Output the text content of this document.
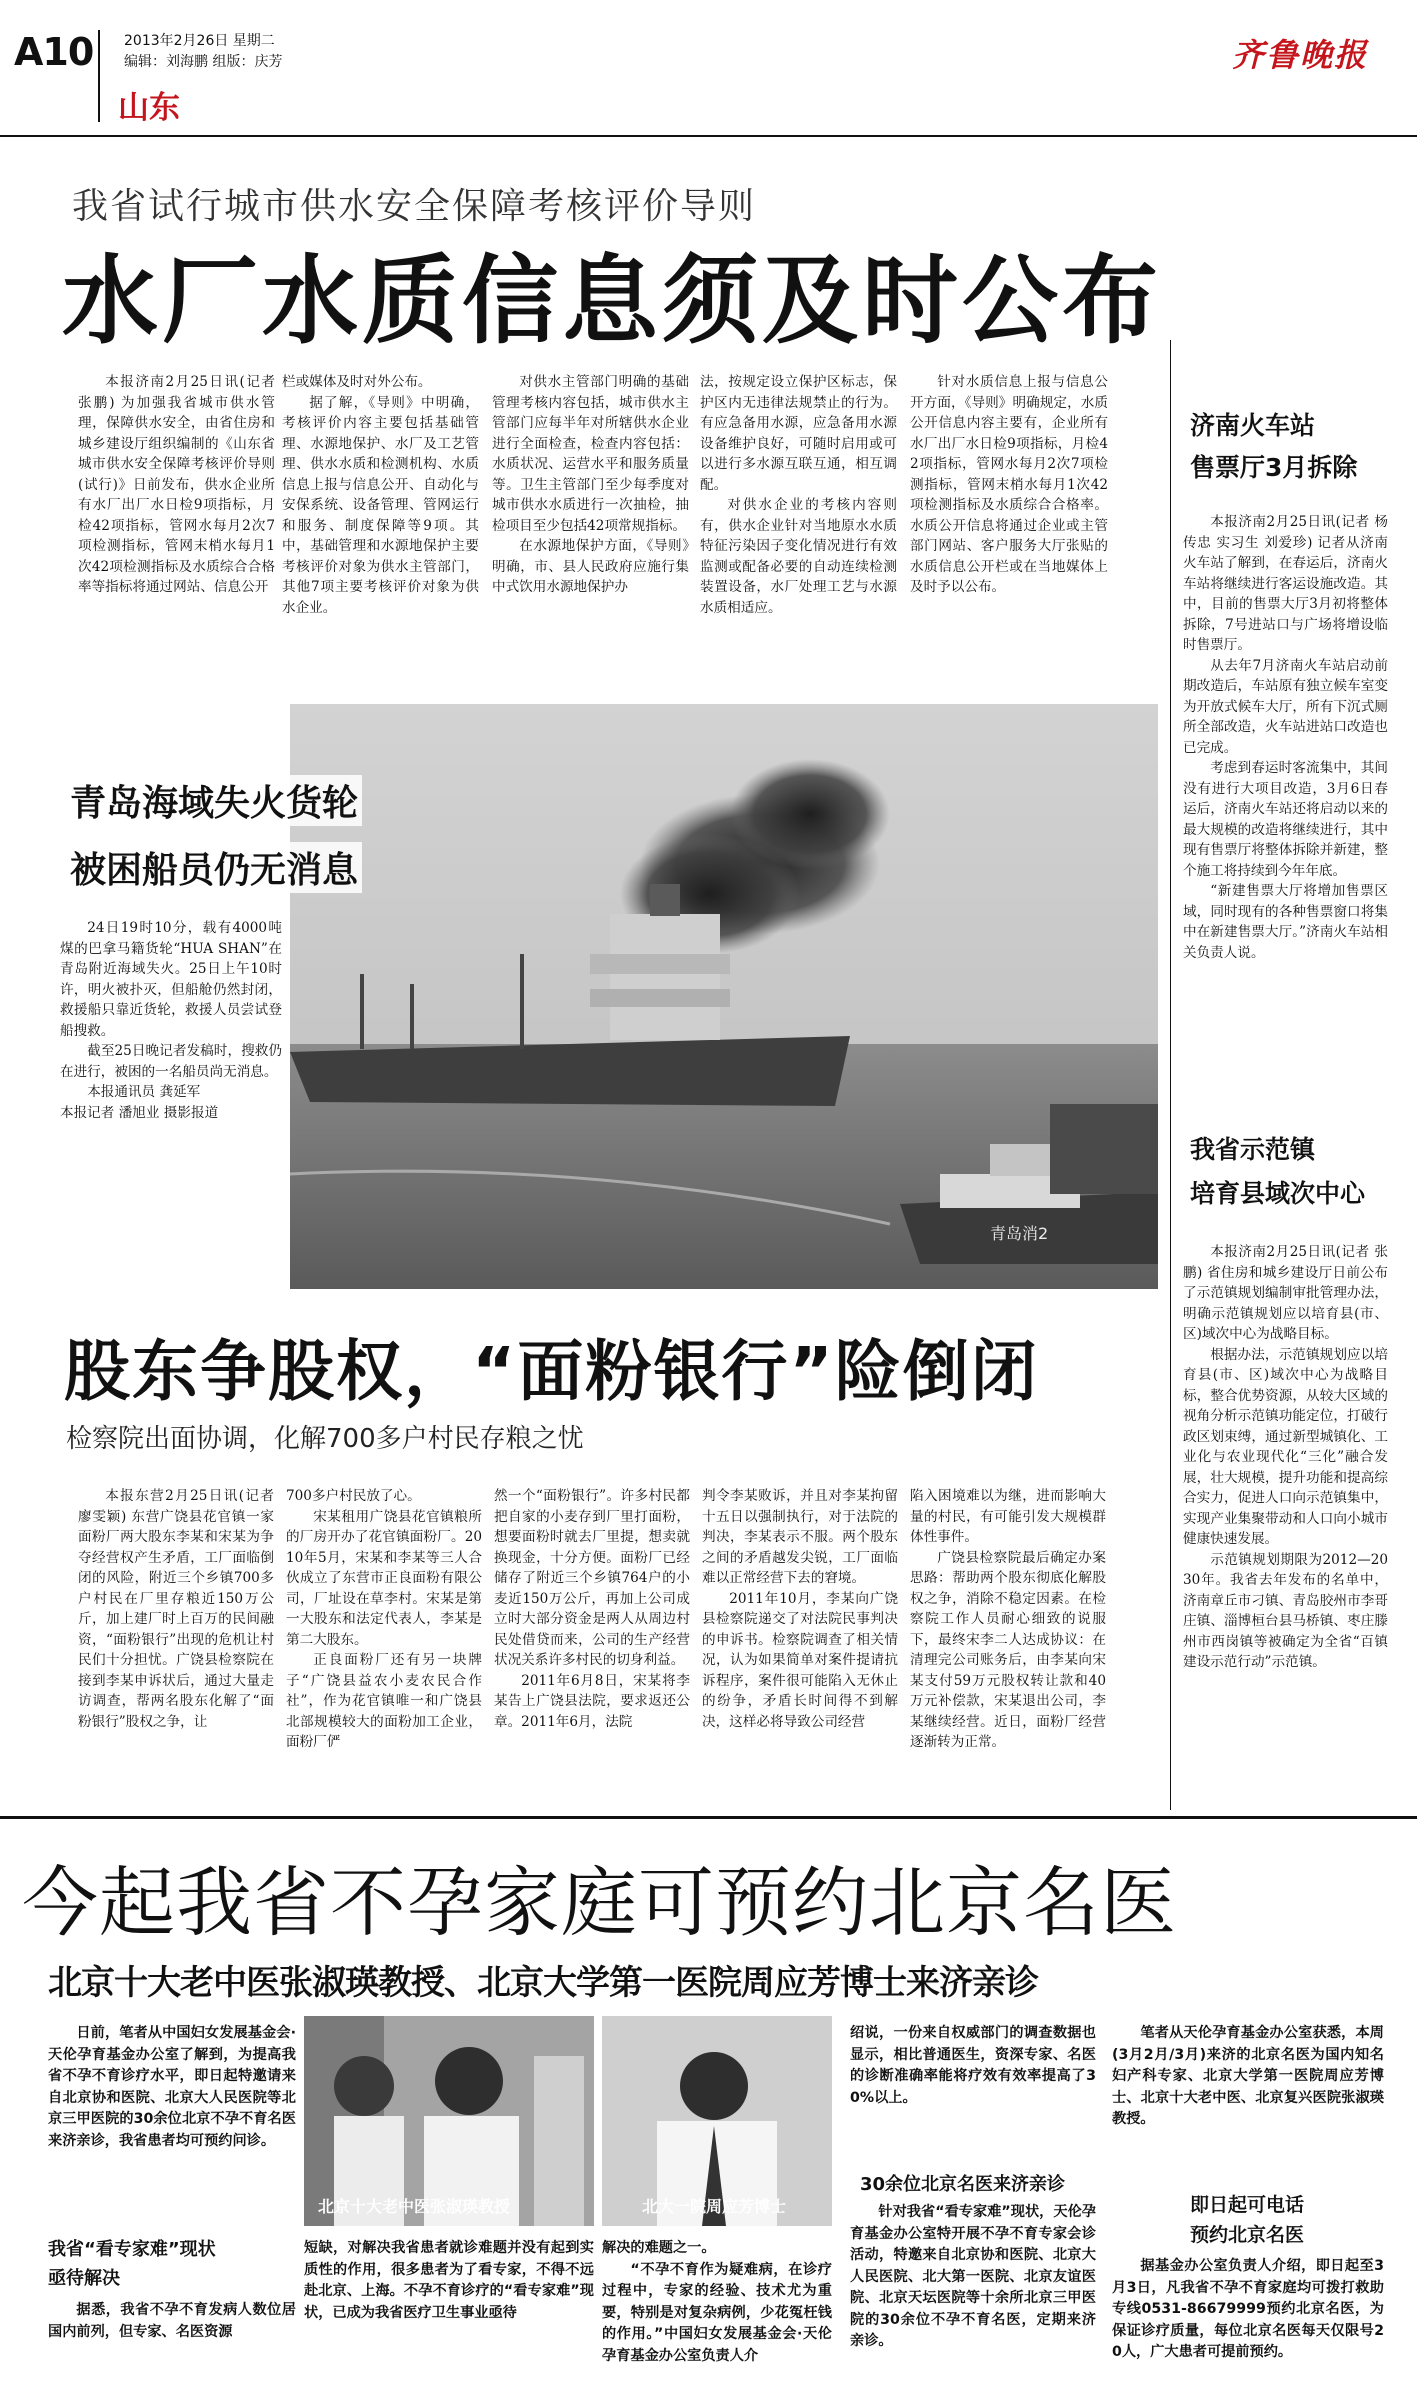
A10 2013年2月26日 星期二
编辑：刘海鹏 组版：庆芳
山东
齐鲁晚报
我省试行城市供水安全保障考核评价导则
水厂水质信息须及时公布

本报济南2月25日讯(记者 张鹏) 为加强我省城市供水管理，保障供水安全，由省住房和城乡建设厅组织编制的《山东省城市供水安全保障考核评价导则(试行)》日前发布，供水企业所有水厂出厂水日检9项指标，月检42项指标，管网水每月2次7项检测指标，管网末梢水每月1次42项检测指标及水质综合合格率等指标将通过网站、信息公开

栏或媒体及时对外公布。

据了解，《导则》中明确，考核评价内容主要包括基础管理、水源地保护、水厂及工艺管理、供水水质和检测机构、水质信息上报与信息公开、自动化与安保系统、设备管理、管网运行和服务、制度保障等9项。其中，基础管理和水源地保护主要考核评价对象为供水主管部门，其他7项主要考核评价对象为供水企业。

对供水主管部门明确的基础管理考核内容包括，城市供水主管部门应每半年对所辖供水企业进行全面检查，检查内容包括：水质状况、运营水平和服务质量等。卫生主管部门至少每季度对城市供水水质进行一次抽检，抽检项目至少包括42项常规指标。

在水源地保护方面，《导则》明确，市、县人民政府应施行集中式饮用水源地保护办

法，按规定设立保护区标志，保护区内无违律法规禁止的行为。有应急备用水源，应急备用水源设备维护良好，可随时启用或可以进行多水源互联互通，相互调配。

对供水企业的考核内容则有，供水企业针对当地原水水质特征污染因子变化情况进行有效监测或配备必要的自动连续检测装置设备，水厂处理工艺与水源水质相适应。

针对水质信息上报与信息公开方面，《导则》明确规定，水质公开信息内容主要有，企业所有水厂出厂水日检9项指标，月检42项指标，管网水每月2次7项检测指标，管网末梢水每月1次42项检测指标及水质综合合格率。水质公开信息将通过企业或主管部门网站、客户服务大厅张贴的水质信息公开栏或在当地媒体上及时予以公布。

济南火车站
售票厅3月拆除

本报济南2月25日讯(记者 杨传忠 实习生 刘爱珍) 记者从济南火车站了解到，在春运后，济南火车站将继续进行客运设施改造。其中，目前的售票大厅3月初将整体拆除，7号进站口与广场将增设临时售票厅。

从去年7月济南火车站启动前期改造后，车站原有独立候车室变为开放式候车大厅，所有下沉式厕所全部改造，火车站进站口改造也已完成。

考虑到春运时客流集中，其间没有进行大项目改造，3月6日春运后，济南火车站还将启动以来的最大规模的改造将继续进行，其中现有售票厅将整体拆除并新建，整个施工将持续到今年年底。

“新建售票大厅将增加售票区域，同时现有的各种售票窗口将集中在新建售票大厅。”济南火车站相关负责人说。

我省示范镇
培育县域次中心

本报济南2月25日讯(记者 张鹏) 省住房和城乡建设厅日前公布了示范镇规划编制审批管理办法，明确示范镇规划应以培育县(市、区)域次中心为战略目标。

根据办法，示范镇规划应以培育县(市、区)域次中心为战略目标，整合优势资源，从较大区域的视角分析示范镇功能定位，打破行政区划束缚，通过新型城镇化、工业化与农业现代化“三化”融合发展，壮大规模，提升功能和提高综合实力，促进人口向示范镇集中，实现产业集聚带动和人口向小城市健康快速发展。

示范镇规划期限为2012—2030年。我省去年发布的名单中，济南章丘市刁镇、青岛胶州市李哥庄镇、淄博桓台县马桥镇、枣庄滕州市西岗镇等被确定为全省“百镇建设示范行动”示范镇。

青岛消2
青岛海域失火货轮
被困船员仍无消息

24日19时10分，载有4000吨煤的巴拿马籍货轮“HUA SHAN”在青岛附近海域失火。25日上午10时许，明火被扑灭，但船舱仍然封闭，救援船只靠近货轮，救援人员尝试登船搜救。

截至25日晚记者发稿时，搜救仍在进行，被困的一名船员尚无消息。

本报通讯员 龚延军

本报记者 潘旭业 摄影报道

股东争股权，“面粉银行”险倒闭
检察院出面协调，化解700多户村民存粮之忧

本报东营2月25日讯(记者 廖雯颖) 东营广饶县花官镇一家面粉厂两大股东李某和宋某为争夺经营权产生矛盾，工厂面临倒闭的风险，附近三个乡镇700多户村民在厂里存粮近150万公斤，加上建厂时上百万的民间融资，“面粉银行”出现的危机让村民们十分担忧。广饶县检察院在接到李某申诉状后，通过大量走访调查，帮两名股东化解了“面粉银行”股权之争，让

700多户村民放了心。

宋某租用广饶县花官镇粮所的厂房开办了花官镇面粉厂。2010年5月，宋某和李某等三人合伙成立了东营市正良面粉有限公司，厂址设在草李村。宋某是第一大股东和法定代表人，李某是第二大股东。

正良面粉厂还有另一块牌子“广饶县益农小麦农民合作社”，作为花官镇唯一和广饶县北部规模较大的面粉加工企业，面粉厂俨

然一个“面粉银行”。许多村民都把自家的小麦存到厂里打面粉，想要面粉时就去厂里提，想卖就换现金，十分方便。面粉厂已经储存了附近三个乡镇764户的小麦近150万公斤，再加上公司成立时大部分资金是两人从周边村民处借贷而来，公司的生产经营状况关系许多村民的切身利益。

2011年6月8日，宋某将李某告上广饶县法院，要求返还公章。2011年6月，法院

判令李某败诉，并且对李某拘留十五日以强制执行，对于法院的判决，李某表示不服。两个股东之间的矛盾越发尖锐，工厂面临难以正常经营下去的窘境。

2011年10月，李某向广饶县检察院递交了对法院民事判决的申诉书。检察院调查了相关情况，认为如果简单对案件提请抗诉程序，案件很可能陷入无休止的纷争，矛盾长时间得不到解决，这样必将导致公司经营

陷入困境难以为继，进而影响大量的村民，有可能引发大规模群体性事件。

广饶县检察院最后确定办案思路：帮助两个股东彻底化解股权之争，消除不稳定因素。在检察院工作人员耐心细致的说服下，最终宋李二人达成协议：在清理完公司账务后，由李某向宋某支付59万元股权转让款和40万元补偿款，宋某退出公司，李某继续经营。近日，面粉厂经营逐渐转为正常。

今起我省不孕家庭可预约北京名医
北京十大老中医张淑瑛教授、北京大学第一医院周应芳博士来济亲诊

日前，笔者从中国妇女发展基金会·天伦孕育基金办公室了解到，为提高我省不孕不育诊疗水平，即日起特邀请来自北京协和医院、北京大人民医院等北京三甲医院的30余位北京不孕不育名医来济亲诊，我省患者均可预约问诊。

我省“看专家难”现状
亟待解决

据悉，我省不孕不育发病人数位居国内前列，但专家、名医资源

北京十大老中医张淑瑛教授	北大一院周应芳博士

短缺，对解决我省患者就诊难题并没有起到实质性的作用，很多患者为了看专家，不得不远赴北京、上海。不孕不育诊疗的“看专家难”现状，已成为我省医疗卫生事业亟待

解决的难题之一。

“不孕不育作为疑难病，在诊疗过程中，专家的经验、技术尤为重要，特别是对复杂病例，少花冤枉钱的作用。”中国妇女发展基金会·天伦孕育基金办公室负责人介

绍说，一份来自权威部门的调查数据也显示，相比普通医生，资深专家、名医的诊断准确率能将疗效有效率提高了30%以上。

30余位北京名医来济亲诊

针对我省“看专家难”现状，天伦孕育基金办公室特开展不孕不育专家会诊活动，特邀来自北京协和医院、北京大人民医院、北大第一医院、北京友谊医院、北京天坛医院等十余所北京三甲医院的30余位不孕不育名医，定期来济亲诊。

笔者从天伦孕育基金办公室获悉，本周(3月2月/3月)来济的北京名医为国内知名妇产科专家、北京大学第一医院周应芳博士、北京十大老中医、北京复兴医院张淑瑛教授。

即日起可电话
预约北京名医

据基金办公室负责人介绍，即日起至3月3日，凡我省不孕不育家庭均可拨打救助专线0531-86679999预约北京名医，为保证诊疗质量，每位北京名医每天仅限号20人，广大患者可提前预约。
